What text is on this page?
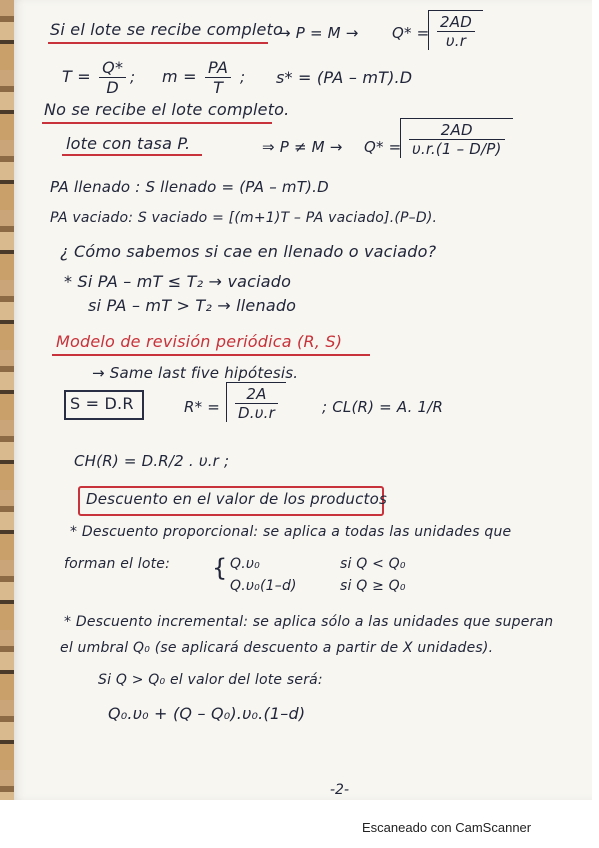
Si el lote se recibe completo
→ $P = M \to Q* = \frac{2AD}{\upsilon.r}$
$T = \frac{Q*}{D}$ ; $m = \frac{PA}{T}$ ; s* = (PA – mT).D
No se recibe el lote completo.
lote con tasa P.	⇒ $P \ne M \to Q* = \frac{2AD}{\upsilon.r.(1 - D/P)}$
PA llenado : S llenado = (PA – mT).D
PA vaciado: S vaciado = [(m+1)T – PA vaciado].(P–D).
¿ Cómo sabemos si cae en llenado o vaciado?
* Si PA – mT ≤ T₂ → vaciado
si PA – mT > T₂ → llenado
Modelo de revisión periódica (R, S)
→ Same last five hipótesis.
S = D.R	$R* = \frac{2A}{D.\upsilon.r}$	; CL(R) = A. 1/R
CH(R) = D.R/2 . υ.r ;
Descuento en el valor de los productos
* Descuento proporcional: se aplica a todas las unidades que
forman el lote: { Q.υ₀	si Q < Q₀
Q.υ₀(1–d)	si Q ≥ Q₀
* Descuento incremental: se aplica sólo a las unidades que superan
el umbral Q₀ (se aplicará descuento a partir de X unidades).
Si Q > Q₀ el valor del lote será:
Q₀.υ₀ + (Q – Q₀).υ₀.(1–d)
-2-
Escaneado con CamScanner
